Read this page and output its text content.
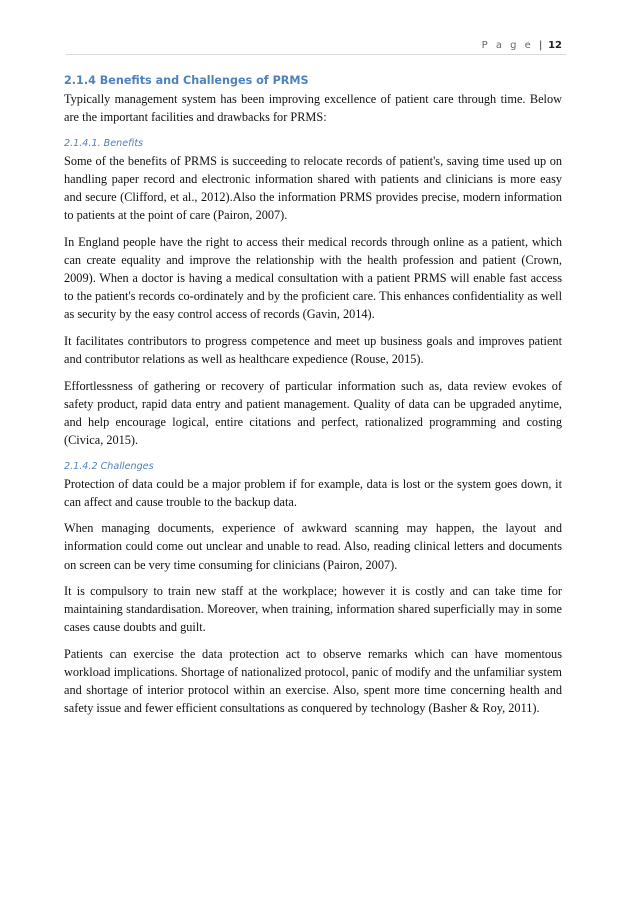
P a g e | 12
2.1.4 Benefits and Challenges of PRMS

Typically management system has been improving excellence of patient care through time. Below are the important facilities and drawbacks for PRMS:

2.1.4.1. Benefits

Some of the benefits of PRMS is succeeding to relocate records of patient's, saving time used up on handling paper record and electronic information shared with patients and clinicians is more easy and secure (Clifford, et al., 2012).Also the information PRMS provides precise, modern information to patients at the point of care (Pairon, 2007).

In England people have the right to access their medical records through online as a patient, which can create equality and improve the relationship with the health profession and patient (Crown, 2009). When a doctor is having a medical consultation with a patient PRMS will enable fast access to the patient's records co-ordinately and by the proficient care. This enhances confidentiality as well as security by the easy control access of records (Gavin, 2014).

It facilitates contributors to progress competence and meet up business goals and improves patient and contributor relations as well as healthcare expedience (Rouse, 2015).

Effortlessness of gathering or recovery of particular information such as, data review evokes of safety product, rapid data entry and patient management. Quality of data can be upgraded anytime, and help encourage logical, entire citations and perfect, rationalized programming and costing (Civica, 2015).

2.1.4.2 Challenges

Protection of data could be a major problem if for example, data is lost or the system goes down, it can affect and cause trouble to the backup data.

When managing documents, experience of awkward scanning may happen, the layout and information could come out unclear and unable to read. Also, reading clinical letters and documents on screen can be very time consuming for clinicians (Pairon, 2007).

It is compulsory to train new staff at the workplace; however it is costly and can take time for maintaining standardisation. Moreover, when training, information shared superficially may in some cases cause doubts and guilt.

Patients can exercise the data protection act to observe remarks which can have momentous workload implications. Shortage of nationalized protocol, panic of modify and the unfamiliar system and shortage of interior protocol within an exercise. Also, spent more time concerning health and safety issue and fewer efficient consultations as conquered by technology (Basher & Roy, 2011).
